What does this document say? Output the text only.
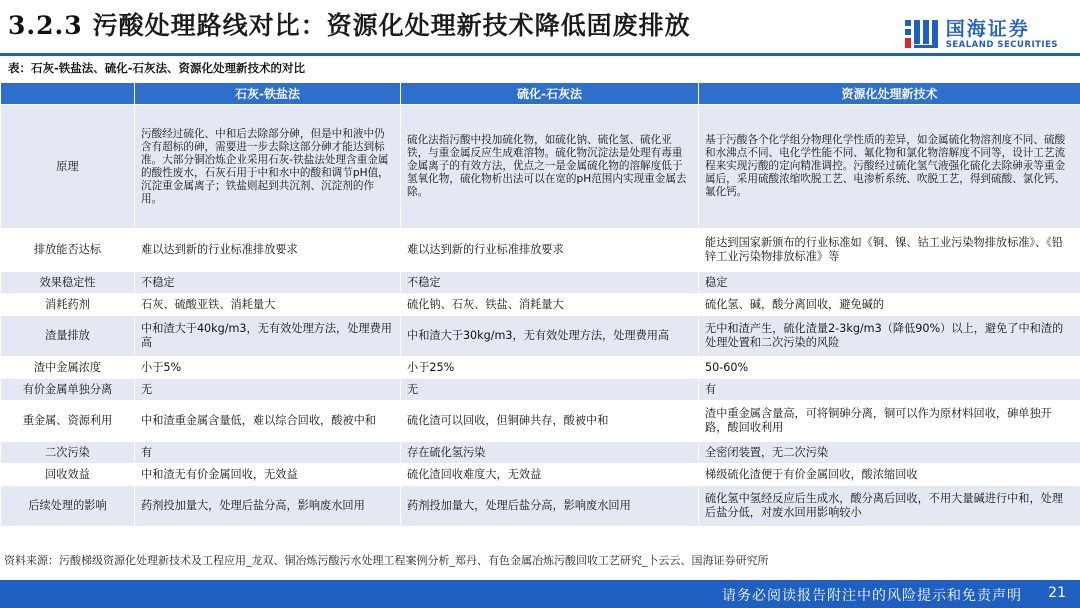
3.2.3 污酸处理路线对比：资源化处理新技术降低固废排放	国海证券
SEALAND SECURITIES
表：石灰-铁盐法、硫化-石灰法、资源化处理新技术的对比
	石灰-铁盐法	硫化-石灰法	资源化处理新技术
原理	污酸经过硫化、中和后去除部分砷，但是中和液中仍含有超标的砷，需要进一步去除这部分砷才能达到标准。大部分铜冶炼企业采用石灰-铁盐法处理含重金属的酸性废水，石灰石用于中和水中的酸和调节pH值，沉淀重金属离子；铁盐则起到共沉剂、沉淀剂的作用。	硫化法指污酸中投加硫化物，如硫化钠、硫化氢、硫化亚铁，与重金属反应生成难溶物。硫化物沉淀法是处理有毒重金属离子的有效方法，优点之一是金属硫化物的溶解度低于氢氧化物，硫化物析出法可以在宽的pH范围内实现重金属去除。	基于污酸各个化学组分物理化学性质的差异，如金属硫化物溶剂度不同、硫酸和水沸点不同、电化学性能不同、氟化物和氯化物溶解度不同等，设计工艺流程来实现污酸的定向精准调控。污酸经过硫化氢气液强化硫化去除砷汞等重金属后，采用硫酸浓缩吹脱工艺、电渗析系统、吹脱工艺，得到硫酸、氯化钙、氟化钙。
排放能否达标	难以达到新的行业标准排放要求	难以达到新的行业标准排放要求	能达到国家新颁布的行业标准如《铜、镍、钴工业污染物排放标准》、《铅锌工业污染物排放标准》等
效果稳定性	不稳定	不稳定	稳定
消耗药剂	石灰、硫酸亚铁、消耗量大	硫化钠、石灰、铁盐、消耗量大	硫化氢、碱，酸分离回收，避免碱的
渣量排放	中和渣大于40kg/m3，无有效处理方法，处理费用高	中和渣大于30kg/m3，无有效处理方法，处理费用高	无中和渣产生，硫化渣量2-3kg/m3（降低90%）以上，避免了中和渣的处理处置和二次污染的风险
渣中金属浓度	小于5%	小于25%	50-60%
有价金属单独分离	无	无	有
重金属、资源利用	中和渣重金属含量低，难以综合回收，酸被中和	硫化渣可以回收，但铜砷共存，酸被中和	渣中重金属含量高，可将铜砷分离，铜可以作为原材料回收，砷单独开路，酸回收利用
二次污染	有	存在硫化氢污染	全密闭装置，无二次污染
回收效益	中和渣无有价金属回收，无效益	硫化渣回收难度大，无效益	梯级硫化渣便于有价金属回收，酸浓缩回收
后续处理的影响	药剂投加量大，处理后盐分高，影响废水回用	药剂投加量大，处理后盐分高，影响废水回用	硫化氢中氢经反应后生成水，酸分离后回收，不用大量碱进行中和，处理后盐分低，对废水回用影响较小
资料来源：污酸梯级资源化处理新技术及工程应用_龙双、铜冶炼污酸污水处理工程案例分析_郑丹、有色金属冶炼污酸回收工艺研究_卜云云、国海证券研究所
请务必阅读报告附注中的风险提示和免责声明 21
